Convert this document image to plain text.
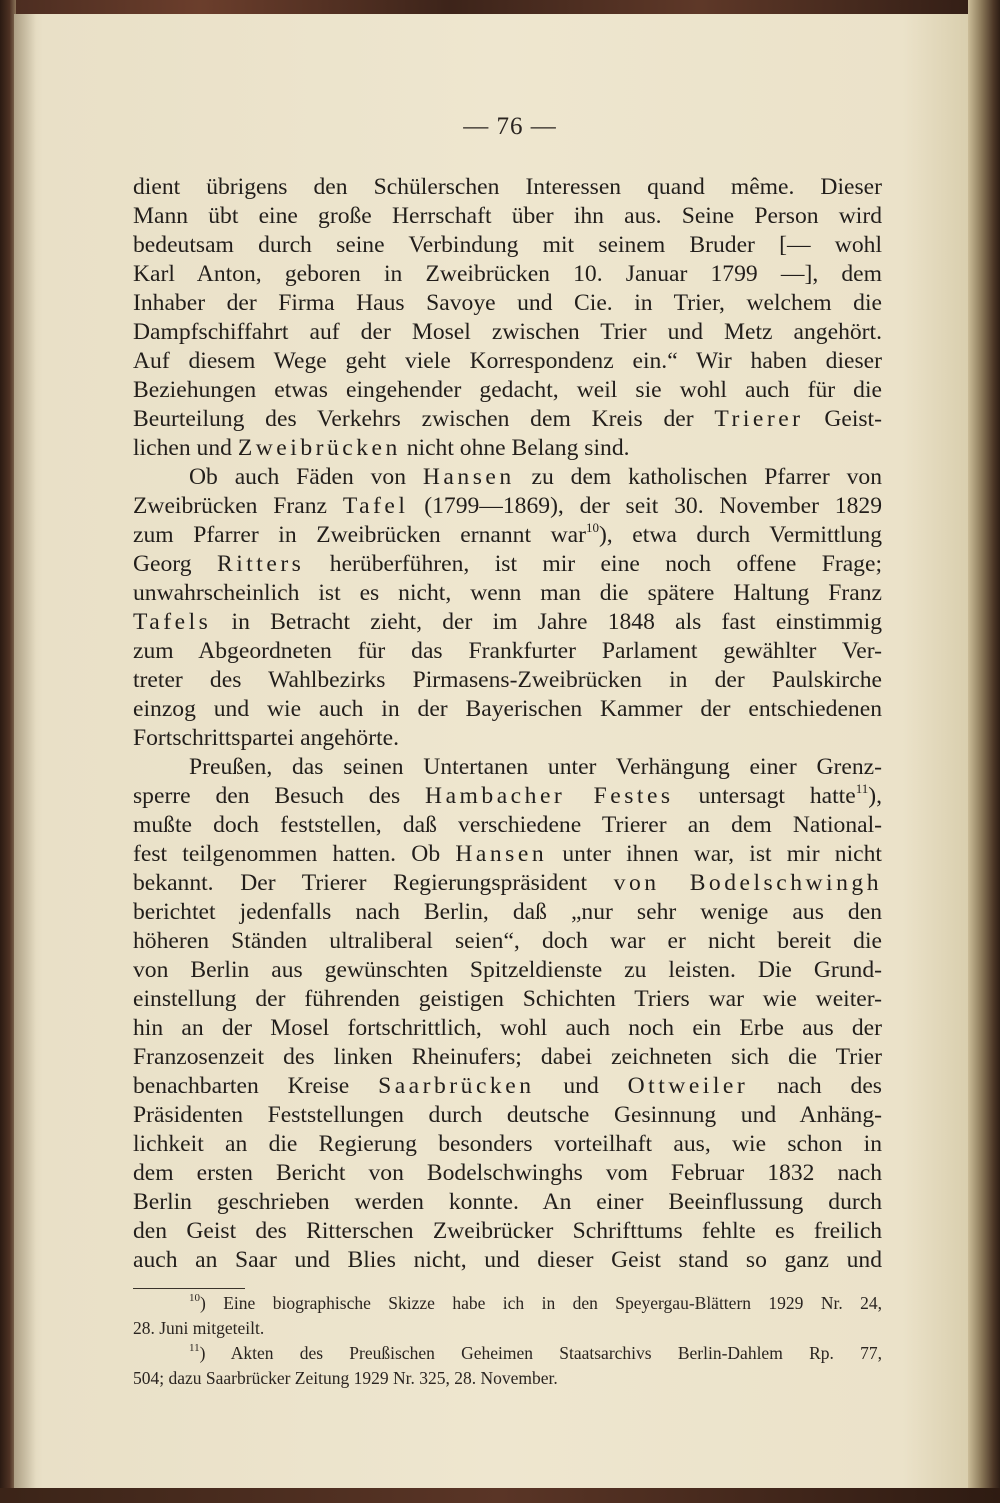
— 76 —
dient übrigens den Schülerschen Interessen quand même. Dieser
Mann übt eine große Herrschaft über ihn aus. Seine Person wird
bedeutsam durch seine Verbindung mit seinem Bruder [— wohl
Karl Anton, geboren in Zweibrücken 10. Januar 1799 —], dem
Inhaber der Firma Haus Savoye und Cie. in Trier, welchem die
Dampfschiffahrt auf der Mosel zwischen Trier und Metz angehört.
Auf diesem Wege geht viele Korrespondenz ein.“ Wir haben dieser
Beziehungen etwas eingehender gedacht, weil sie wohl auch für die
Beurteilung des Verkehrs zwischen dem Kreis der Trierer Geist-
lichen und Zweibrücken nicht ohne Belang sind.
Ob auch Fäden von Hansen zu dem katholischen Pfarrer von
Zweibrücken Franz Tafel (1799—1869), der seit 30. November 1829
zum Pfarrer in Zweibrücken ernannt war$^{10}$), etwa durch Vermittlung
Georg Ritters herüberführen, ist mir eine noch offene Frage;
unwahrscheinlich ist es nicht, wenn man die spätere Haltung Franz
Tafels in Betracht zieht, der im Jahre 1848 als fast einstimmig
zum Abgeordneten für das Frankfurter Parlament gewählter Ver-
treter des Wahlbezirks Pirmasens-Zweibrücken in der Paulskirche
einzog und wie auch in der Bayerischen Kammer der entschiedenen
Fortschrittspartei angehörte.
Preußen, das seinen Untertanen unter Verhängung einer Grenz-
sperre den Besuch des Hambacher Festes untersagt hatte$^{11}$),
mußte doch feststellen, daß verschiedene Trierer an dem National-
fest teilgenommen hatten. Ob Hansen unter ihnen war, ist mir nicht
bekannt. Der Trierer Regierungspräsident von Bodelschwingh
berichtet jedenfalls nach Berlin, daß „nur sehr wenige aus den
höheren Ständen ultraliberal seien“, doch war er nicht bereit die
von Berlin aus gewünschten Spitzeldienste zu leisten. Die Grund-
einstellung der führenden geistigen Schichten Triers war wie weiter-
hin an der Mosel fortschrittlich, wohl auch noch ein Erbe aus der
Franzosenzeit des linken Rheinufers; dabei zeichneten sich die Trier
benachbarten Kreise Saarbrücken und Ottweiler nach des
Präsidenten Feststellungen durch deutsche Gesinnung und Anhäng-
lichkeit an die Regierung besonders vorteilhaft aus, wie schon in
dem ersten Bericht von Bodelschwinghs vom Februar 1832 nach
Berlin geschrieben werden konnte. An einer Beeinflussung durch
den Geist des Ritterschen Zweibrücker Schrifttums fehlte es freilich
auch an Saar und Blies nicht, und dieser Geist stand so ganz und
$^{10}$) Eine biographische Skizze habe ich in den Speyergau-Blättern 1929 Nr. 24,
28. Juni mitgeteilt.
$^{11}$) Akten des Preußischen Geheimen Staatsarchivs Berlin-Dahlem Rp. 77,
504; dazu Saarbrücker Zeitung 1929 Nr. 325, 28. November.
